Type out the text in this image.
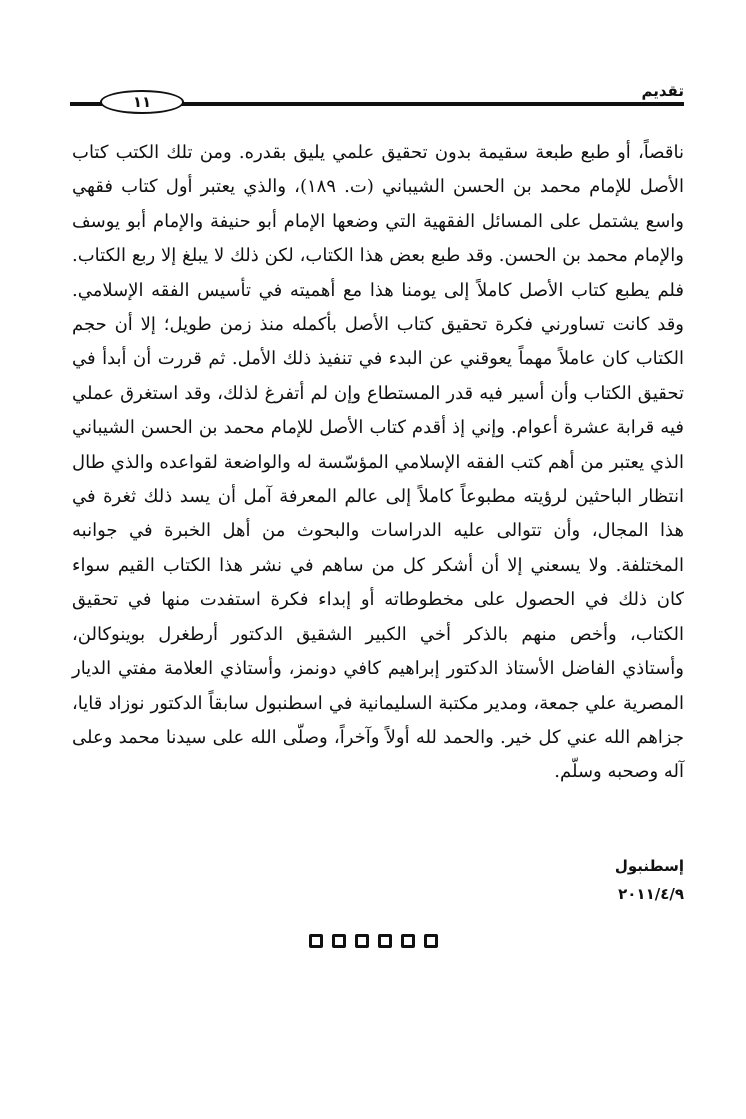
تقديم
١١

ناقصاً، أو طبع طبعة سقيمة بدون تحقيق علمي يليق بقدره. ومن تلك الكتب كتاب الأصل للإمام محمد بن الحسن الشيباني (ت. ١٨٩)، والذي يعتبر أول كتاب فقهي واسع يشتمل على المسائل الفقهية التي وضعها الإمام أبو حنيفة والإمام أبو يوسف والإمام محمد بن الحسن. وقد طبع بعض هذا الكتاب، لكن ذلك لا يبلغ إلا ربع الكتاب. فلم يطبع كتاب الأصل كاملاً إلى يومنا هذا مع أهميته في تأسيس الفقه الإسلامي. وقد كانت تساورني فكرة تحقيق كتاب الأصل بأكمله منذ زمن طويل؛ إلا أن حجم الكتاب كان عاملاً مهماً يعوقني عن البدء في تنفيذ ذلك الأمل. ثم قررت أن أبدأ في تحقيق الكتاب وأن أسير فيه قدر المستطاع وإن لم أتفرغ لذلك، وقد استغرق عملي فيه قرابة عشرة أعوام. وإني إذ أقدم كتاب الأصل للإمام محمد بن الحسن الشيباني الذي يعتبر من أهم كتب الفقه الإسلامي المؤسّسة له والواضعة لقواعده والذي طال انتظار الباحثين لرؤيته مطبوعاً كاملاً إلى عالم المعرفة آمل أن يسد ذلك ثغرة في هذا المجال، وأن تتوالى عليه الدراسات والبحوث من أهل الخبرة في جوانبه المختلفة. ولا يسعني إلا أن أشكر كل من ساهم في نشر هذا الكتاب القيم سواء كان ذلك في الحصول على مخطوطاته أو إبداء فكرة استفدت منها في تحقيق الكتاب، وأخص منهم بالذكر أخي الكبير الشقيق الدكتور أرطغرل بوينوكالن، وأستاذي الفاضل الأستاذ الدكتور إبراهيم كافي دونمز، وأستاذي العلامة مفتي الديار المصرية علي جمعة، ومدير مكتبة السليمانية في اسطنبول سابقاً الدكتور نوزاد قايا، جزاهم الله عني كل خير. والحمد لله أولاً وآخراً، وصلّى الله على سيدنا محمد وعلى آله وصحبه وسلّم.

إسطنبول
٢٠١١/٤/٩
